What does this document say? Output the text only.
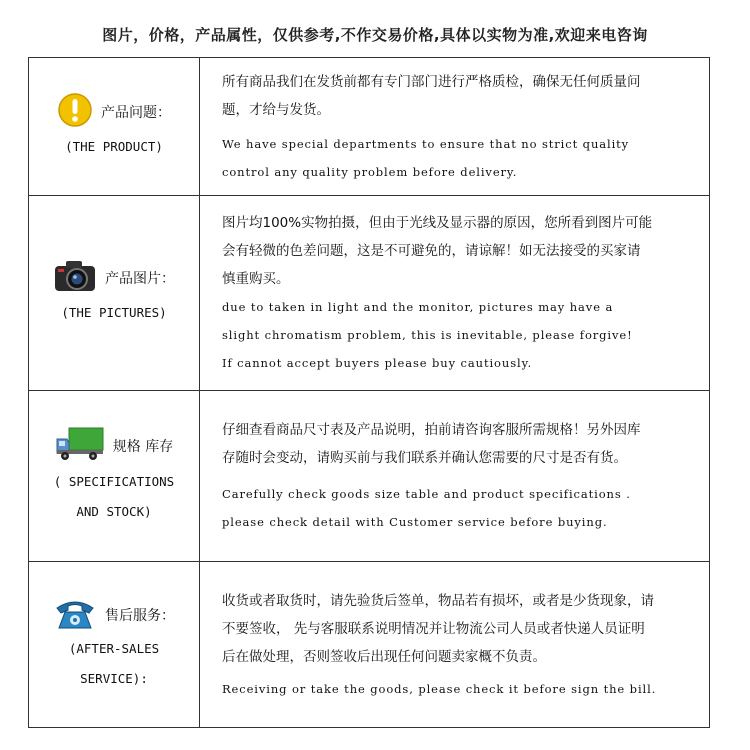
图片，价格，产品属性，仅供参考,不作交易价格,具体以实物为准,欢迎来电咨询
产品问题：
(THE PRODUCT)
所有商品我们在发货前都有专门部门进行严格质检，确保无任何质量问
题，才给与发货。
We have special departments to ensure that no strict quality
control any quality problem before delivery.
产品图片：
(THE PICTURES)
图片均100%实物拍摄，但由于光线及显示器的原因，您所看到图片可能
会有轻微的色差问题，这是不可避免的，请谅解！如无法接受的买家请
慎重购买。
due to taken in light and the monitor, pictures may have a
slight chromatism problem, this is inevitable, please forgive!
If cannot accept buyers please buy cautiously.
规格 库存
( SPECIFICATIONS
AND STOCK)
仔细查看商品尺寸表及产品说明，拍前请咨询客服所需规格！另外因库
存随时会变动，请购买前与我们联系并确认您需要的尺寸是否有货。
Carefully check goods size table and product specifications .
please check detail with Customer service before buying.
售后服务：
(AFTER-SALES
SERVICE):
收货或者取货时，请先验货后签单，物品若有损坏，或者是少货现象，请
不要签收， 先与客服联系说明情况并让物流公司人员或者快递人员证明
后在做处理，否则签收后出现任何问题卖家概不负责。
Receiving or take the goods, please check it before sign the bill.
